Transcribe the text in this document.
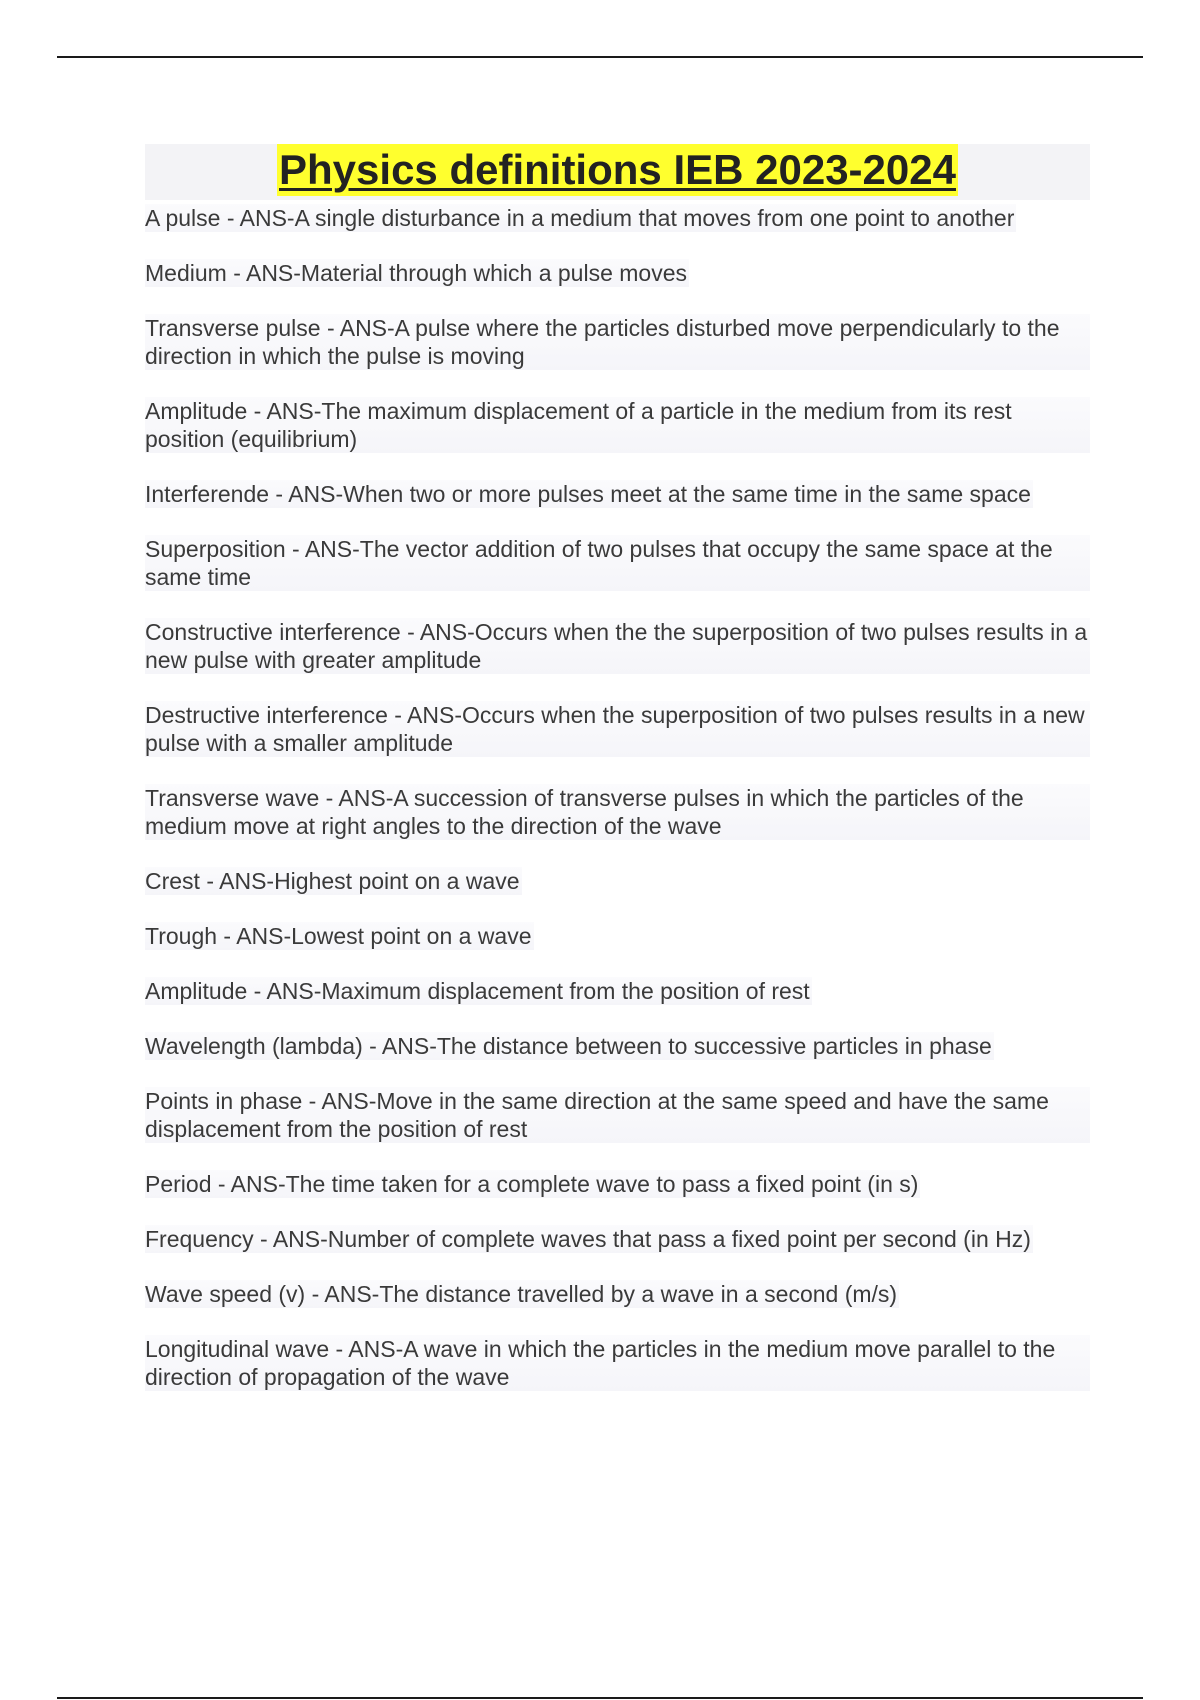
Physics definitions IEB 2023-2024

A pulse - ANS-A single disturbance in a medium that moves from one point to another

Medium - ANS-Material through which a pulse moves

Transverse pulse - ANS-A pulse where the particles disturbed move perpendicularly to the direction in which the pulse is moving

Amplitude - ANS-The maximum displacement of a particle in the medium from its rest position (equilibrium)

Interferende - ANS-When two or more pulses meet at the same time in the same space

Superposition - ANS-The vector addition of two pulses that occupy the same space at the same time

Constructive interference - ANS-Occurs when the the superposition of two pulses results in a new pulse with greater amplitude

Destructive interference - ANS-Occurs when the superposition of two pulses results in a new pulse with a smaller amplitude

Transverse wave - ANS-A succession of transverse pulses in which the particles of the medium move at right angles to the direction of the wave

Crest - ANS-Highest point on a wave

Trough - ANS-Lowest point on a wave

Amplitude - ANS-Maximum displacement from the position of rest

Wavelength (lambda) - ANS-The distance between to successive particles in phase

Points in phase - ANS-Move in the same direction at the same speed and have the same displacement from the position of rest

Period - ANS-The time taken for a complete wave to pass a fixed point (in s)

Frequency - ANS-Number of complete waves that pass a fixed point per second (in Hz)

Wave speed (v) - ANS-The distance travelled by a wave in a second (m/s)

Longitudinal wave - ANS-A wave in which the particles in the medium move parallel to the direction of propagation of the wave
